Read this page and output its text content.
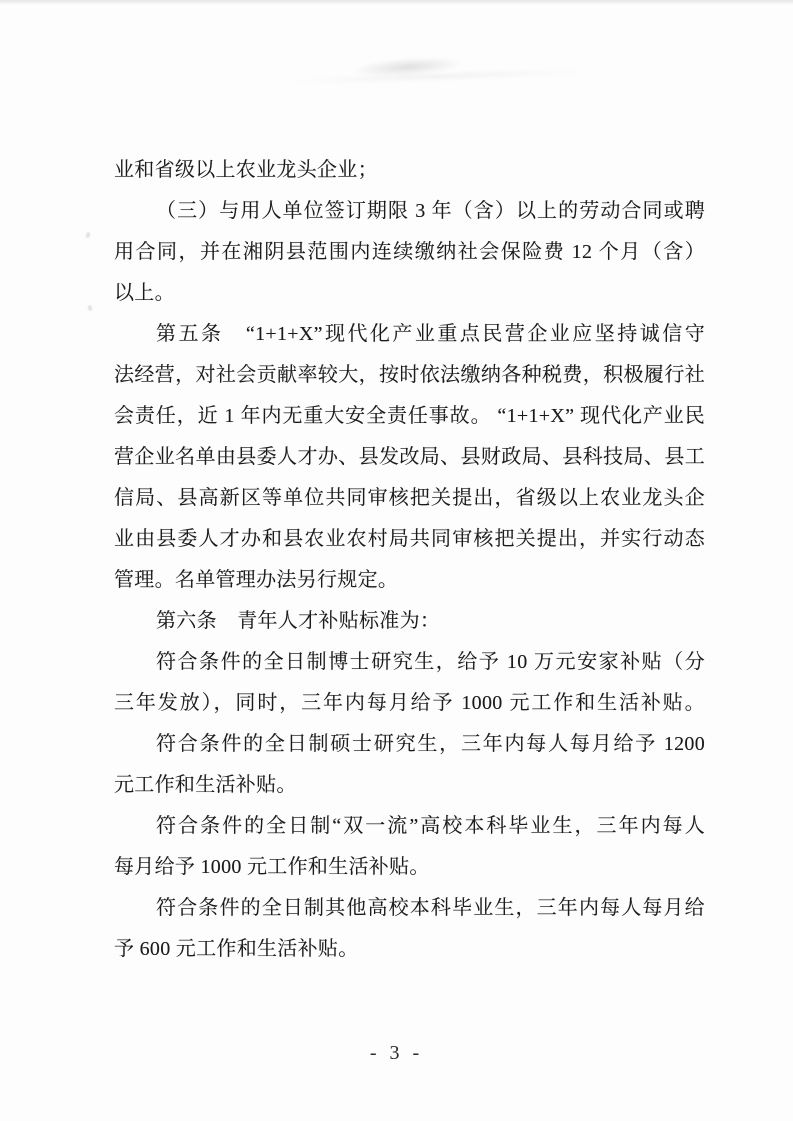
业和省级以上农业龙头企业；
（三）与用人单位签订期限 3 年（含）以上的劳动合同或聘
用合同，并在湘阴县范围内连续缴纳社会保险费 12 个月（含）
以上。
第五条　“1+1+X”现代化产业重点民营企业应坚持诚信守
法经营，对社会贡献率较大，按时依法缴纳各种税费，积极履行社
会责任，近 1 年内无重大安全责任事故。 “1+1+X” 现代化产业民
营企业名单由县委人才办、县发改局、县财政局、县科技局、县工
信局、县高新区等单位共同审核把关提出，省级以上农业龙头企
业由县委人才办和县农业农村局共同审核把关提出，并实行动态
管理。名单管理办法另行规定。
第六条　青年人才补贴标准为：
符合条件的全日制博士研究生，给予 10 万元安家补贴（分
三年发放），同时，三年内每月给予 1000 元工作和生活补贴。
符合条件的全日制硕士研究生，三年内每人每月给予 1200
元工作和生活补贴。
符合条件的全日制“双一流”高校本科毕业生，三年内每人
每月给予 1000 元工作和生活补贴。
符合条件的全日制其他高校本科毕业生，三年内每人每月给
予 600 元工作和生活补贴。
- 3 -
